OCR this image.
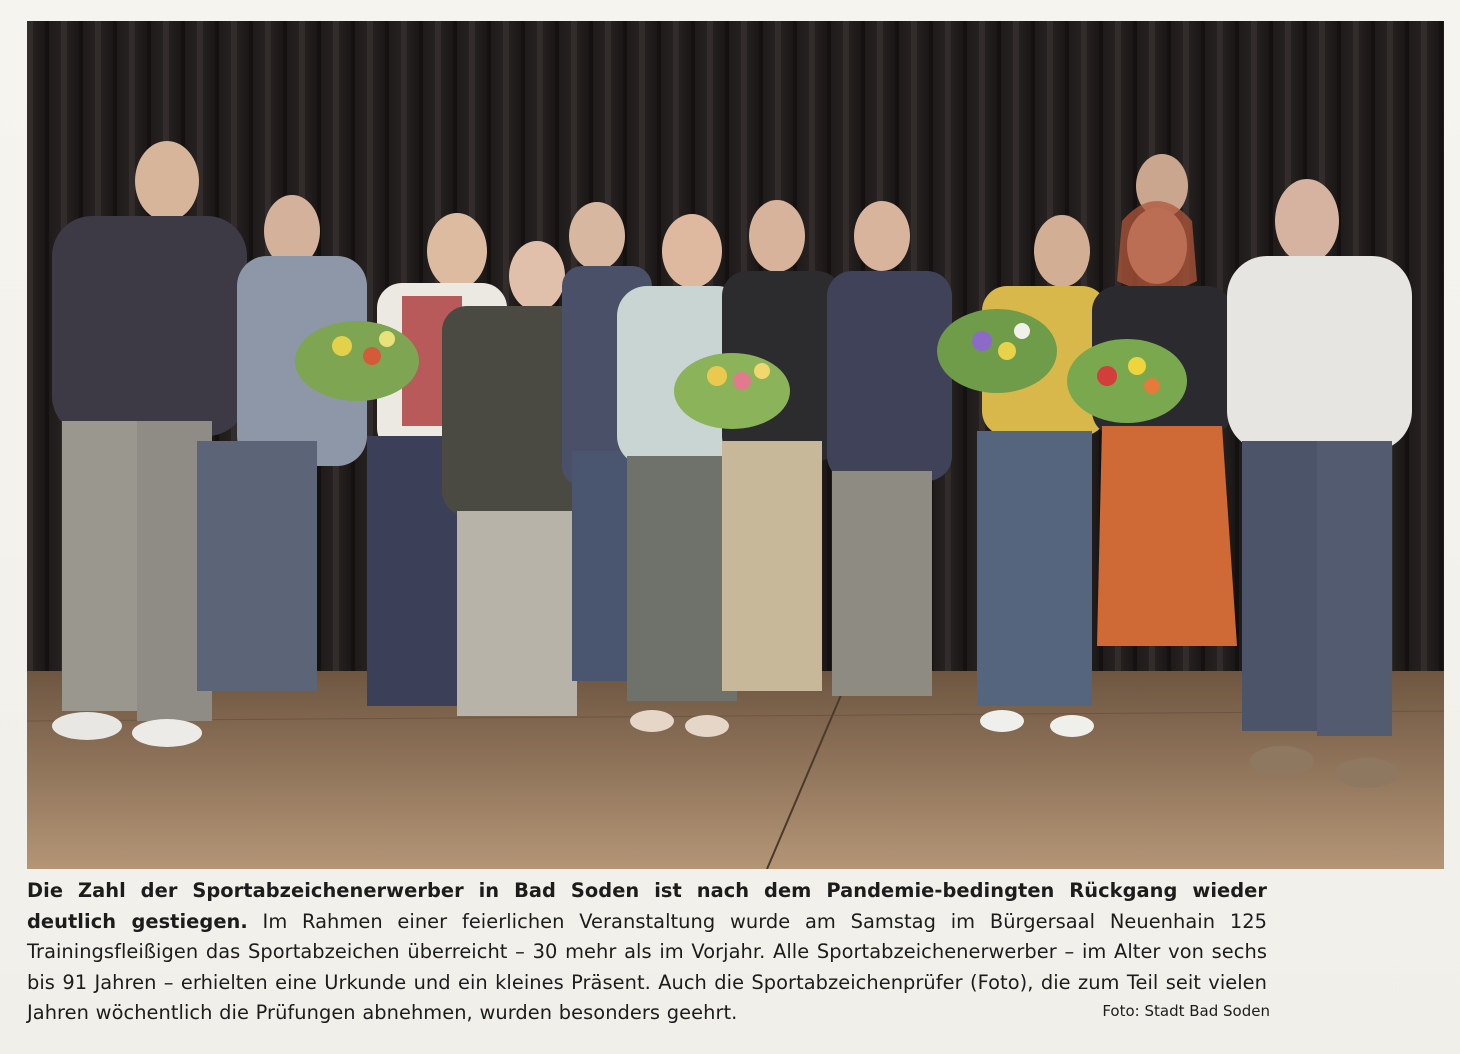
Die Zahl der Sportabzeichenerwerber in Bad Soden ist nach dem Pandemie-bedingten Rückgang wieder deutlich gestiegen. Im Rahmen einer feierlichen Veranstaltung wurde am Samstag im Bürgersaal Neuenhain 125 Trainingsfleißigen das Sportabzeichen überreicht – 30 mehr als im Vorjahr. Alle Sportabzeichenerwerber – im Alter von sechs bis 91 Jahren – erhielten eine Urkunde und ein kleines Präsent. Auch die Sportabzeichenprüfer (Foto), die zum Teil seit vielen Jahren wöchentlich die Prüfungen abnehmen, wurden besonders geehrt.	Foto: Stadt Bad Soden
